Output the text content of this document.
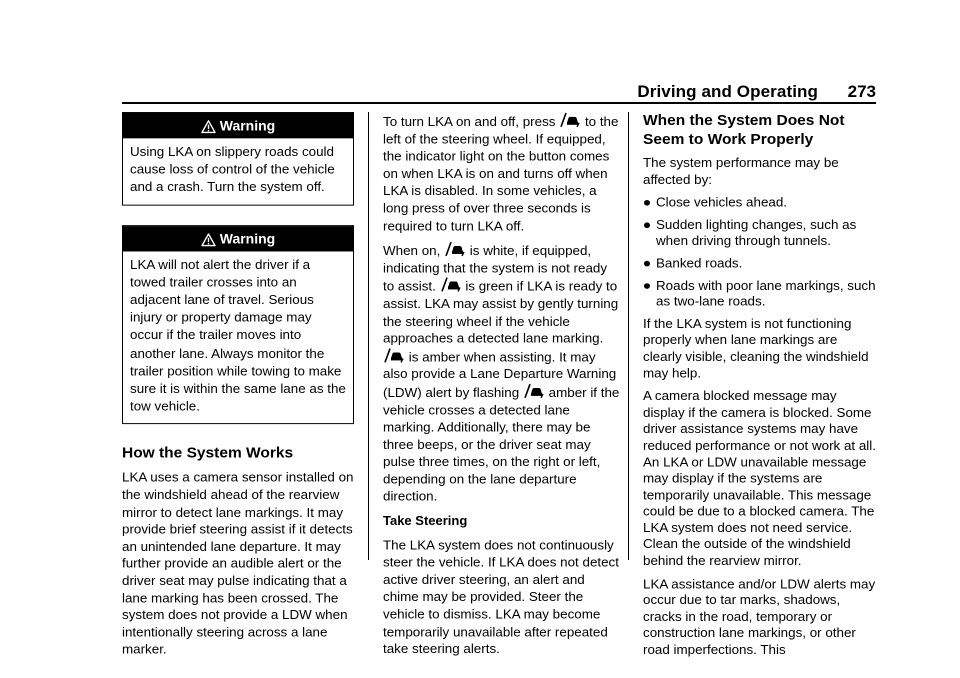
Driving and Operating 273
Warning
Using LKA on slippery roads could cause loss of control of the vehicle and a crash. Turn the system off.
Warning
LKA will not alert the driver if a towed trailer crosses into an adjacent lane of travel. Serious injury or property damage may occur if the trailer moves into another lane. Always monitor the trailer position while towing to make sure it is within the same lane as the tow vehicle.
How the System Works

LKA uses a camera sensor installed on the windshield ahead of the rearview mirror to detect lane markings. It may provide brief steering assist if it detects an unintended lane departure. It may further provide an audible alert or the driver seat may pulse indicating that a lane marking has been crossed. The system does not provide a LDW when intentionally steering across a lane marker.

To turn LKA on and off, press to the left of the steering wheel. If equipped, the indicator light on the button comes on when LKA is on and turns off when LKA is disabled. In some vehicles, a long press of over three seconds is required to turn LKA off.

When on, is white, if equipped, indicating that the system is not ready to assist. is green if LKA is ready to assist. LKA may assist by gently turning the steering wheel if the vehicle approaches a detected lane marking.  is amber when assisting. It may also provide a Lane Departure Warning (LDW) alert by flashing amber if the vehicle crosses a detected lane marking. Additionally, there may be three beeps, or the driver seat may pulse three times, on the right or left, depending on the lane departure direction.

Take Steering

The LKA system does not continuously steer the vehicle. If LKA does not detect active driver steering, an alert and chime may be provided. Steer the vehicle to dismiss. LKA may become temporarily unavailable after repeated take steering alerts.

When the System Does Not Seem to Work Properly

The system performance may be affected by:

Close vehicles ahead.
Sudden lighting changes, such as when driving through tunnels.
Banked roads.
Roads with poor lane markings, such as two-lane roads.

If the LKA system is not functioning properly when lane markings are clearly visible, cleaning the windshield may help.

A camera blocked message may display if the camera is blocked. Some driver assistance systems may have reduced performance or not work at all. An LKA or LDW unavailable message may display if the systems are temporarily unavailable. This message could be due to a blocked camera. The LKA system does not need service. Clean the outside of the windshield behind the rearview mirror.

LKA assistance and/or LDW alerts may occur due to tar marks, shadows, cracks in the road, temporary or construction lane markings, or other road imperfections. This
